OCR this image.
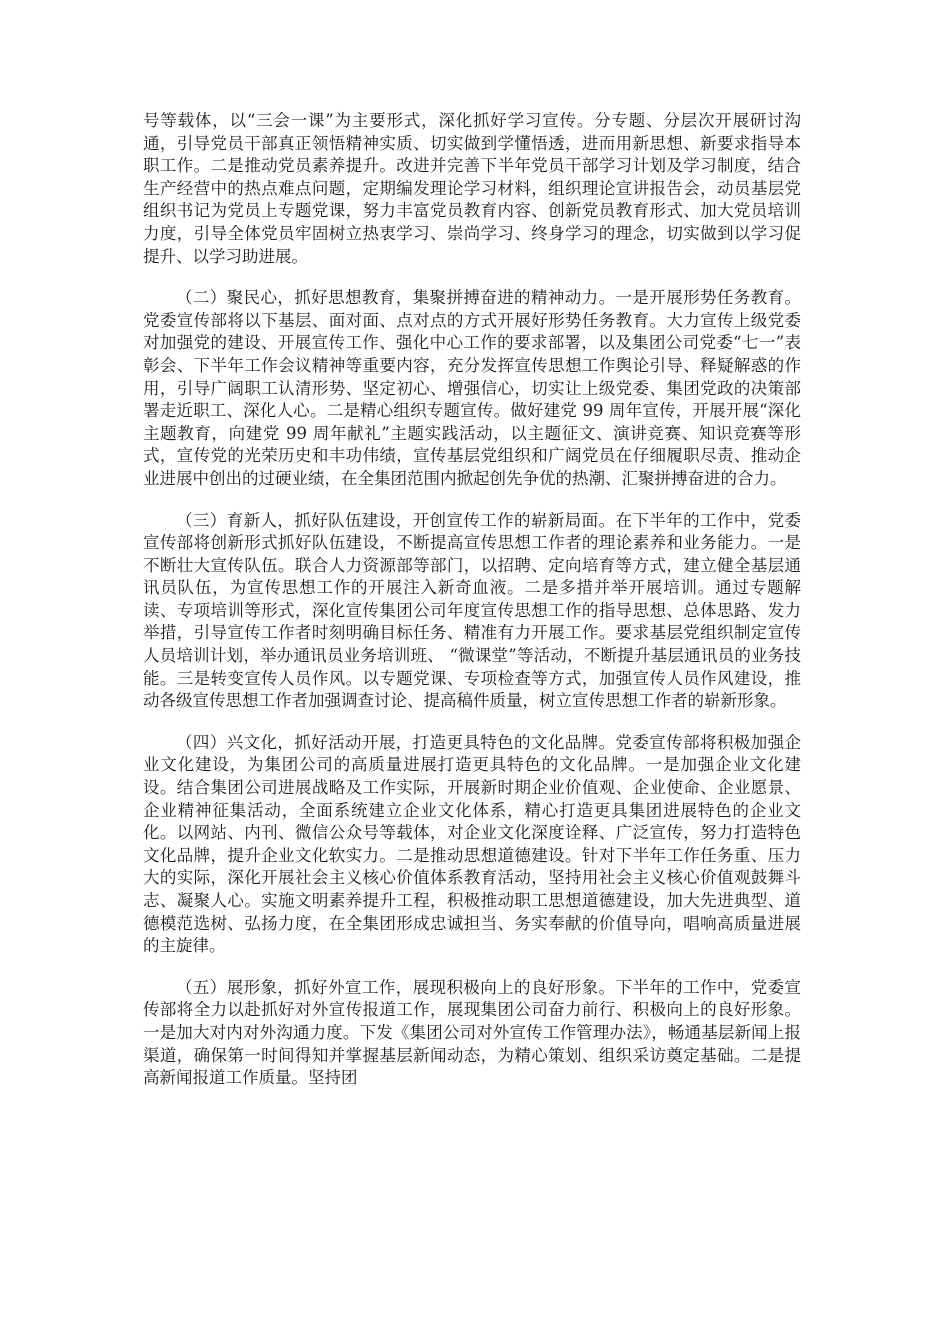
号等载体，以“三会一课”为主要形式，深化抓好学习宣传。分专题、分层次开展研讨沟通，引导党员干部真正领悟精神实质、切实做到学懂悟透，进而用新思想、新要求指导本职工作。二是推动党员素养提升。改进并完善下半年党员干部学习计划及学习制度，结合生产经营中的热点难点问题，定期编发理论学习材料，组织理论宣讲报告会，动员基层党组织书记为党员上专题党课，努力丰富党员教育内容、创新党员教育形式、加大党员培训力度，引导全体党员牢固树立热衷学习、崇尚学习、终身学习的理念，切实做到以学习促提升、以学习助进展。

（二）聚民心，抓好思想教育，集聚拼搏奋进的精神动力。一是开展形势任务教育。党委宣传部将以下基层、面对面、点对点的方式开展好形势任务教育。大力宣传上级党委对加强党的建设、开展宣传工作、强化中心工作的要求部署，以及集团公司党委“七一”表彰会、下半年工作会议精神等重要内容，充分发挥宣传思想工作舆论引导、释疑解惑的作用，引导广阔职工认清形势、坚定初心、增强信心，切实让上级党委、集团党政的决策部署走近职工、深化人心。二是精心组织专题宣传。做好建党 99 周年宣传，开展开展“深化主题教育，向建党 99 周年献礼”主题实践活动，以主题征文、演讲竞赛、知识竞赛等形式，宣传党的光荣历史和丰功伟绩，宣传基层党组织和广阔党员在仔细履职尽责、推动企业进展中创出的过硬业绩，在全集团范围内掀起创先争优的热潮、汇聚拼搏奋进的合力。

（三）育新人，抓好队伍建设，开创宣传工作的崭新局面。在下半年的工作中，党委宣传部将创新形式抓好队伍建设，不断提高宣传思想工作者的理论素养和业务能力。一是不断壮大宣传队伍。联合人力资源部等部门，以招聘、定向培育等方式，建立健全基层通讯员队伍，为宣传思想工作的开展注入新奇血液。二是多措并举开展培训。通过专题解读、专项培训等形式，深化宣传集团公司年度宣传思想工作的指导思想、总体思路、发力举措，引导宣传工作者时刻明确目标任务、精准有力开展工作。要求基层党组织制定宣传人员培训计划，举办通讯员业务培训班、 “微课堂”等活动，不断提升基层通讯员的业务技能。三是转变宣传人员作风。以专题党课、专项检查等方式，加强宣传人员作风建设，推动各级宣传思想工作者加强调查讨论、提高稿件质量，树立宣传思想工作者的崭新形象。

（四）兴文化，抓好活动开展，打造更具特色的文化品牌。党委宣传部将积极加强企业文化建设，为集团公司的高质量进展打造更具特色的文化品牌。一是加强企业文化建设。结合集团公司进展战略及工作实际，开展新时期企业价值观、企业使命、企业愿景、企业精神征集活动，全面系统建立企业文化体系，精心打造更具集团进展特色的企业文化。以网站、内刊、微信公众号等载体，对企业文化深度诠释、广泛宣传，努力打造特色文化品牌，提升企业文化软实力。二是推动思想道德建设。针对下半年工作任务重、压力大的实际，深化开展社会主义核心价值体系教育活动，坚持用社会主义核心价值观鼓舞斗志、凝聚人心。实施文明素养提升工程，积极推动职工思想道德建设，加大先进典型、道德模范选树、弘扬力度，在全集团形成忠诚担当、务实奉献的价值导向，唱响高质量进展的主旋律。

（五）展形象，抓好外宣工作，展现积极向上的良好形象。下半年的工作中，党委宣传部将全力以赴抓好对外宣传报道工作，展现集团公司奋力前行、积极向上的良好形象。一是加大对内对外沟通力度。下发《集团公司对外宣传工作管理办法》，畅通基层新闻上报渠道，确保第一时间得知并掌握基层新闻动态，为精心策划、组织采访奠定基础。二是提高新闻报道工作质量。坚持团
